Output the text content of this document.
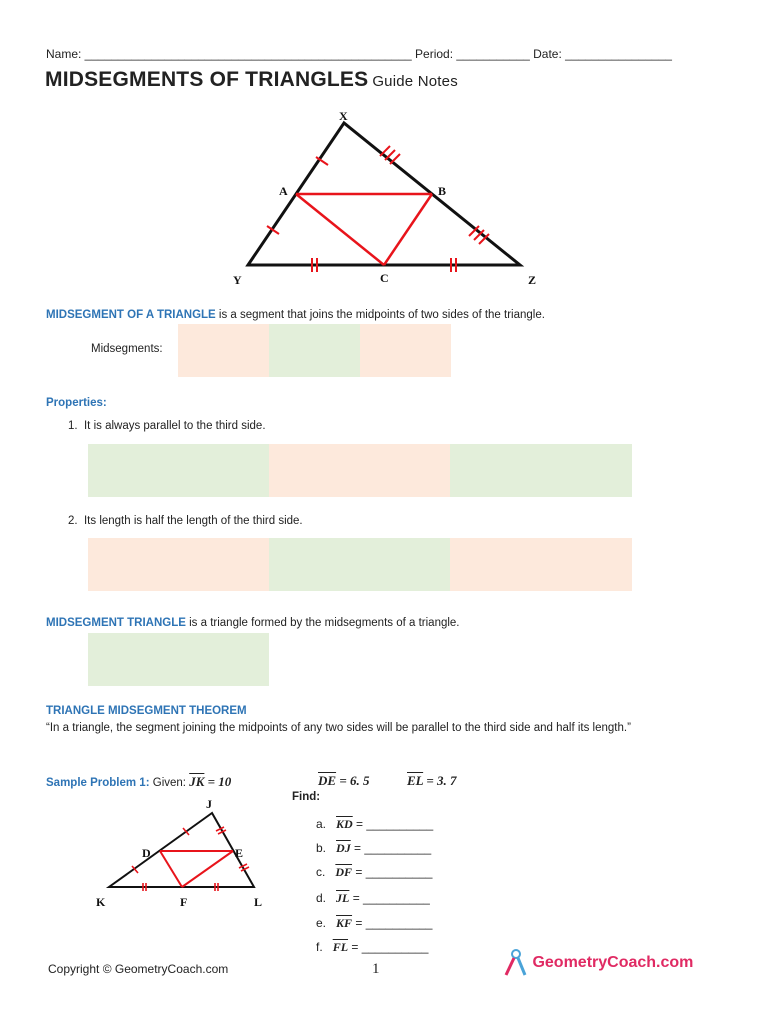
Name: _________________________________________________ Period: ___________ Date: ________________
MIDSEGMENTS OF TRIANGLES Guide Notes
X
A	B
Y	C	Z
MIDSEGMENT OF A TRIANGLE is a segment that joins the midpoints of two sides of the triangle.
Midsegments:
Properties:
1. It is always parallel to the third side.
2. Its length is half the length of the third side.
MIDSEGMENT TRIANGLE is a triangle formed by the midsegments of a triangle.
TRIANGLE MIDSEGMENT THEOREM
“In a triangle, the segment joining the midpoints of any two sides will be parallel to the third side and half its length.”
Sample Problem 1: Given: $\overline{JK} = 10$	$\overline{DE} = 6$. 5	$\overline{EL} = 3$. 7
Find:
J
D	E
K	F	L
a. $\overline{KD}$ = __________
b. $\overline{DJ}$ = __________
c. $\overline{DF}$ = __________
d. $\overline{JL}$ = __________
e. $\overline{KF}$ = __________
f. $\overline{FL}$ = __________
Copyright © GeometryCoach.com	1	GeometryCoach.com
